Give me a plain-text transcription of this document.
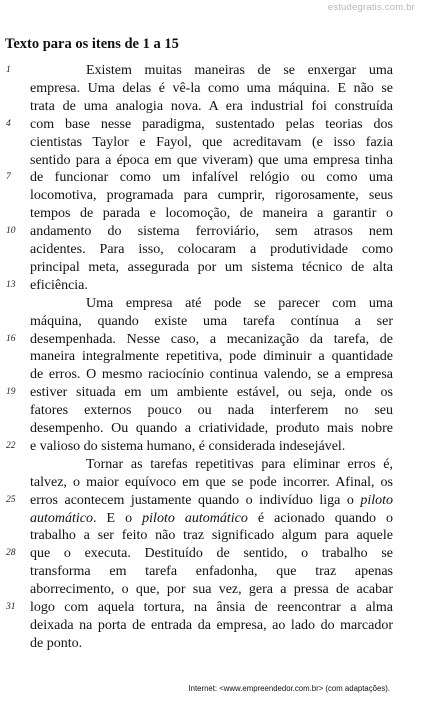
estudegratis.com.br
Texto para os itens de 1 a 15
1	Existem muitas maneiras de se enxergar uma
empresa. Uma delas é vê-la como uma máquina. E não se
trata de uma analogia nova. A era industrial foi construída
4	com base nesse paradigma, sustentado pelas teorias dos
cientistas Taylor e Fayol, que acreditavam (e isso fazia
sentido para a época em que viveram) que uma empresa tinha
7	de funcionar como um infalível relógio ou como uma
locomotiva, programada para cumprir, rigorosamente, seus
tempos de parada e locomoção, de maneira a garantir o
10 andamento do sistema ferroviário, sem atrasos nem
acidentes. Para isso, colocaram a produtividade como
principal meta, assegurada por um sistema técnico de alta
13 eficiência.
Uma empresa até pode se parecer com uma
máquina, quando existe uma tarefa contínua a ser
16 desempenhada. Nesse caso, a mecanização da tarefa, de
maneira integralmente repetitiva, pode diminuir a quantidade
de erros. O mesmo raciocínio continua valendo, se a empresa
19 estiver situada em um ambiente estável, ou seja, onde os
fatores externos pouco ou nada interferem no seu
desempenho. Ou quando a criatividade, produto mais nobre
22 e valioso do sistema humano, é considerada indesejável.
Tornar as tarefas repetitivas para eliminar erros é,
talvez, o maior equívoco em que se pode incorrer. Afinal, os
25 erros acontecem justamente quando o indivíduo liga o piloto
automático. E o piloto automático é acionado quando o
trabalho a ser feito não traz significado algum para aquele
28 que o executa. Destituído de sentido, o trabalho se
transforma em tarefa enfadonha, que traz apenas
aborrecimento, o que, por sua vez, gera a pressa de acabar
31 logo com aquela tortura, na ânsia de reencontrar a alma
deixada na porta de entrada da empresa, ao lado do marcador
de ponto.
Internet: <www.empreendedor.com.br> (com adaptações).
